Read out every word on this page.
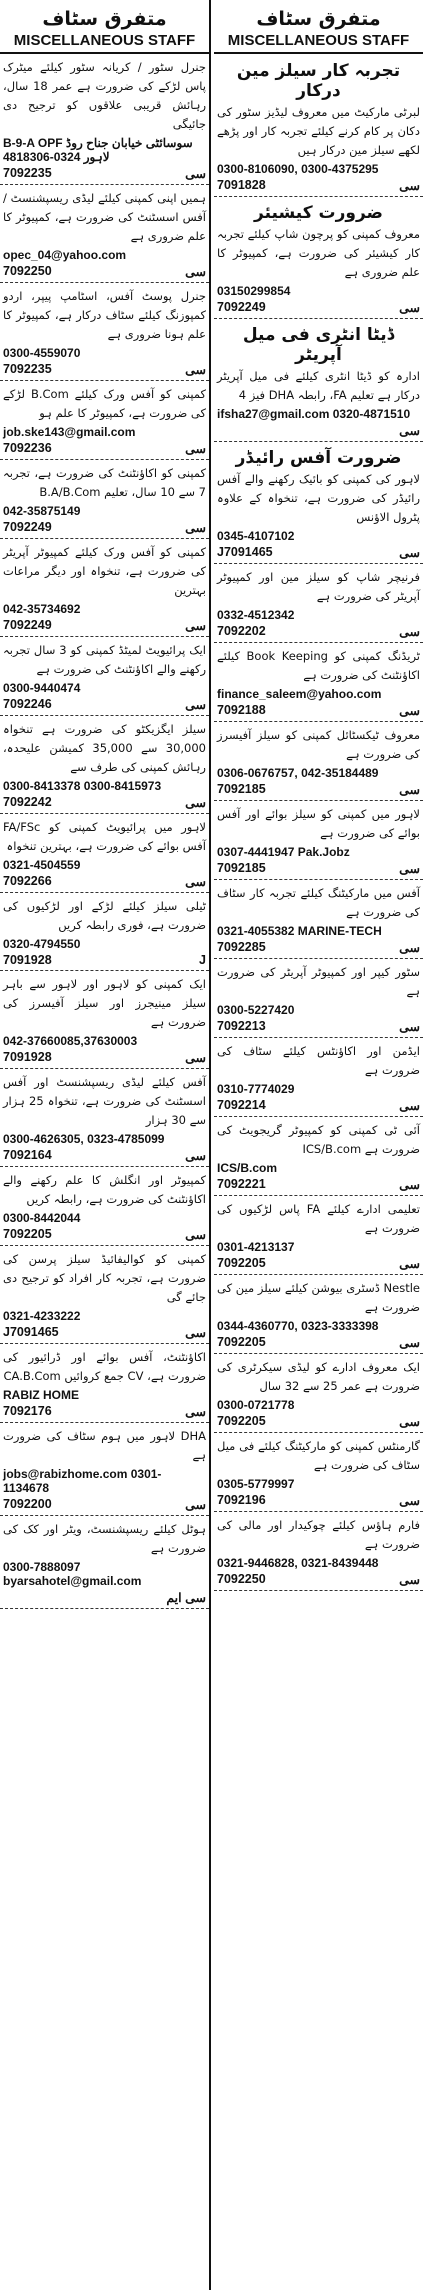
متفرق سٹاف
MISCELLANEOUS STAFF
جنرل سٹور / کریانہ سٹور کیلئے میٹرک پاس لڑکے کی ضرورت ہے عمر 18 سال، رہائش قریبی علاقوں کو ترجیح دی جائیگی
B-9-A OPF سوسائٹی خیابان جناح روڈ لاہور 0324-4818306
7092235	سی
ہمیں اپنی کمپنی کیلئے لیڈی ریسپشنسٹ / آفس اسسٹنٹ کی ضرورت ہے، کمپیوٹر کا علم ضروری ہے
opec_04@yahoo.com
7092250	سی
جنرل پوسٹ آفس، اسٹامپ پیپر، اردو کمپوزنگ کیلئے سٹاف درکار ہے، کمپیوٹر کا علم ہونا ضروری ہے
0300-4559070
7092235	سی
کمپنی کو آفس ورک کیلئے B.Com لڑکے کی ضرورت ہے، کمپیوٹر کا علم ہو
job.ske143@gmail.com
7092236	سی
کمپنی کو اکاؤنٹنٹ کی ضرورت ہے، تجربہ 7 سے 10 سال، تعلیم B.A/B.Com
042-35875149
7092249	سی
کمپنی کو آفس ورک کیلئے کمپیوٹر آپریٹر کی ضرورت ہے، تنخواہ اور دیگر مراعات بہترین
042-35734692
7092249	سی
ایک پرائیویٹ لمیٹڈ کمپنی کو 3 سال تجربہ رکھنے والے اکاؤنٹنٹ کی ضرورت ہے
0300-9440474
7092246	سی
سیلز ایگزیکٹو کی ضرورت ہے تنخواہ 30,000 سے 35,000 کمیشن علیحدہ، رہائش کمپنی کی طرف سے
0300-8413378 0300-8415973
7092242	سی
لاہور میں پرائیویٹ کمپنی کو FA/FSc آفس بوائے کی ضرورت ہے، بہترین تنخواہ
0321-4504559
7092266	سی
ٹیلی سیلز کیلئے لڑکے اور لڑکیوں کی ضرورت ہے، فوری رابطہ کریں
0320-4794550
7091928	J
ایک کمپنی کو لاہور اور لاہور سے باہر سیلز مینیجرز اور سیلز آفیسرز کی ضرورت ہے
042-37660085,37630003
7091928	سی
آفس کیلئے لیڈی ریسپشنسٹ اور آفس اسسٹنٹ کی ضرورت ہے، تنخواہ 25 ہزار سے 30 ہزار
0300-4626305, 0323-4785099
7092164	سی
کمپیوٹر اور انگلش کا علم رکھنے والے اکاؤنٹنٹ کی ضرورت ہے، رابطہ کریں
0300-8442044
7092205	سی
کمپنی کو کوالیفائیڈ سیلز پرسن کی ضرورت ہے، تجربہ کار افراد کو ترجیح دی جائے گی
0321-4233222
J7091465	سی
اکاؤنٹنٹ، آفس بوائے اور ڈرائیور کی ضرورت ہے، CV جمع کروائیں CA.B.Com
RABIZ HOME
7092176	سی
DHA لاہور میں ہوم سٹاف کی ضرورت ہے
jobs@rabizhome.com 0301-1134678
7092200	سی
ہوٹل کیلئے ریسپشنسٹ، ویٹر اور کک کی ضرورت ہے
0300-7888097 byarsahotel@gmail.com
سی ایم
متفرق سٹاف
MISCELLANEOUS STAFF
تجربہ کار سیلز مین درکار
لبرٹی مارکیٹ میں معروف لیڈیز سٹور کی دکان پر کام کرنے کیلئے تجربہ کار اور پڑھے لکھے سیلز مین درکار ہیں
0300-8106090, 0300-4375295
7091828	سی
ضرورت کیشیئر
معروف کمپنی کو پرچون شاپ کیلئے تجربہ کار کیشیئر کی ضرورت ہے، کمپیوٹر کا علم ضروری ہے
03150299854
7092249	سی
ڈیٹا انٹری فی میل آپریٹر
ادارہ کو ڈیٹا انٹری کیلئے فی میل آپریٹر درکار ہے تعلیم FA، رابطہ DHA فیز 4
ifsha27@gmail.com 0320-4871510
سی
ضرورت آفس رائیڈر
لاہور کی کمپنی کو بائیک رکھنے والے آفس رائیڈر کی ضرورت ہے، تنخواہ کے علاوہ پٹرول الاؤنس
0345-4107102
J7091465	سی
فرنیچر شاپ کو سیلز مین اور کمپیوٹر آپریٹر کی ضرورت ہے
0332-4512342
7092202	سی
ٹریڈنگ کمپنی کو Book Keeping کیلئے اکاؤنٹنٹ کی ضرورت ہے
finance_saleem@yahoo.com
7092188	سی
معروف ٹیکسٹائل کمپنی کو سیلز آفیسرز کی ضرورت ہے
0306-0676757, 042-35184489
7092185	سی
لاہور میں کمپنی کو سیلز بوائے اور آفس بوائے کی ضرورت ہے
0307-4441947 Pak.Jobz
7092185	سی
آفس میں مارکیٹنگ کیلئے تجربہ کار سٹاف کی ضرورت ہے
0321-4055382 MARINE-TECH
7092285	سی
سٹور کیپر اور کمپیوٹر آپریٹر کی ضرورت ہے
0300-5227420
7092213	سی
ایڈمن اور اکاؤنٹس کیلئے سٹاف کی ضرورت ہے
0310-7774029
7092214	سی
آئی ٹی کمپنی کو کمپیوٹر گریجویٹ کی ضرورت ہے ICS/B.com
ICS/B.com
7092221	سی
تعلیمی ادارے کیلئے FA پاس لڑکیوں کی ضرورت ہے
0301-4213137
7092205	سی
Nestle ڈسٹری بیوشن کیلئے سیلز مین کی ضرورت ہے
0344-4360770, 0323-3333398
7092205	سی
ایک معروف ادارے کو لیڈی سیکرٹری کی ضرورت ہے عمر 25 سے 32 سال
0300-0721778
7092205	سی
گارمنٹس کمپنی کو مارکیٹنگ کیلئے فی میل سٹاف کی ضرورت ہے
0305-5779997
7092196	سی
فارم ہاؤس کیلئے چوکیدار اور مالی کی ضرورت ہے
0321-9446828, 0321-8439448
7092250	سی
